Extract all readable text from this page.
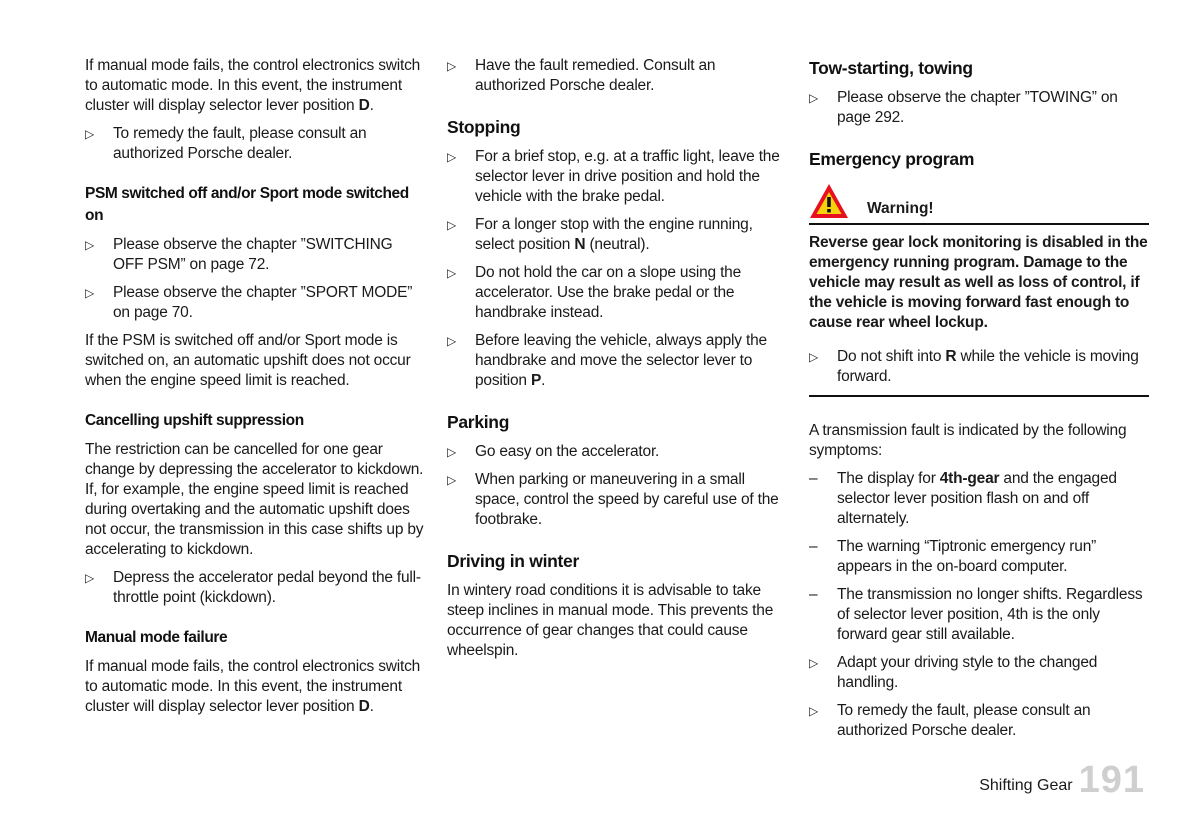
If manual mode fails, the control electronics switch to automatic mode. In this event, the instrument cluster will display selector lever position D.

▷ To remedy the fault, please consult an authorized Porsche dealer.
PSM switched off and/or Sport mode switched on
▷ Please observe the chapter ”SWITCHING OFF PSM” on page 72.
▷ Please observe the chapter ”SPORT MODE” on page 70.

If the PSM is switched off and/or Sport mode is switched on, an automatic upshift does not occur when the engine speed limit is reached.

Cancelling upshift suppression

The restriction can be cancelled for one gear change by depressing the accelerator to kickdown. If, for example, the engine speed limit is reached during overtaking and the automatic upshift does not occur, the transmission in this case shifts up by accelerating to kickdown.

▷ Depress the accelerator pedal beyond the full-throttle point (kickdown).
Manual mode failure

If manual mode fails, the control electronics switch to automatic mode. In this event, the instrument cluster will display selector lever position D.

▷ Have the fault remedied. Consult an authorized Porsche dealer.
Stopping
▷ For a brief stop, e.g. at a traffic light, leave the selector lever in drive position and hold the vehicle with the brake pedal.
▷ For a longer stop with the engine running, select position N (neutral).
▷ Do not hold the car on a slope using the accelerator. Use the brake pedal or the handbrake instead.
▷ Before leaving the vehicle, always apply the handbrake and move the selector lever to position P.
Parking
▷ Go easy on the accelerator.
▷ When parking or maneuvering in a small space, control the speed by careful use of the footbrake.
Driving in winter

In wintery road conditions it is advisable to take steep inclines in manual mode. This prevents the occurrence of gear changes that could cause wheelspin.

Tow-starting, towing
▷ Please observe the chapter ”TOWING” on page 292.
Emergency program
Warning!

Reverse gear lock monitoring is disabled in the emergency running program. Damage to the vehicle may result as well as loss of control, if the vehicle is moving forward fast enough to cause rear wheel lockup.

▷ Do not shift into R while the vehicle is moving forward.

A transmission fault is indicated by the following symptoms:

– The display for 4th-gear and the engaged selector lever position flash on and off alternately.
– The warning “Tiptronic emergency run” appears in the on-board computer.
– The transmission no longer shifts. Regardless of selector lever position, 4th is the only forward gear still available.
▷ Adapt your driving style to the changed handling.
▷ To remedy the fault, please consult an authorized Porsche dealer.
Shifting Gear 191
